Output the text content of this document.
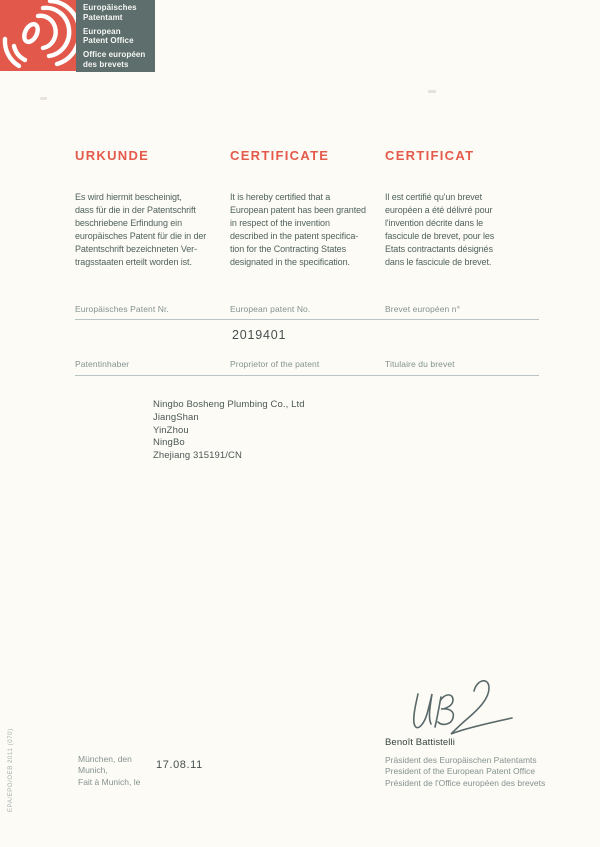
Europäisches
Patentamt
European
Patent Office
Office européen
des brevets
EPA/EPO/OEB 2011 (070)
URKUNDE
Es wird hiermit bescheinigt,
dass für die in der Patentschrift
beschriebene Erfindung ein
europäisches Patent für die in der
Patentschrift bezeichneten Ver-
tragsstaaten erteilt worden ist.
CERTIFICATE
It is hereby certified that a
European patent has been granted
in respect of the invention
described in the patent specifica-
tion for the Contracting States
designated in the specification.
CERTIFICAT
Il est certifié qu'un brevet
européen a été délivré pour
l'invention décrite dans le
fascicule de brevet, pour les
Etats contractants désignés
dans le fascicule de brevet.
Europäisches Patent Nr.	European patent No.	Brevet européen n°
2019401
Patentinhaber	Proprietor of the patent	Titulaire du brevet
Ningbo Bosheng Plumbing Co., Ltd
JiangShan
YinZhou
NingBo
Zhejiang 315191/CN
Benoît Battistelli
Präsident des Europäischen Patentamts
President of the European Patent Office
Président de l'Office européen des brevets
München, den
Munich,
Fait à Munich, le
17.08.11
